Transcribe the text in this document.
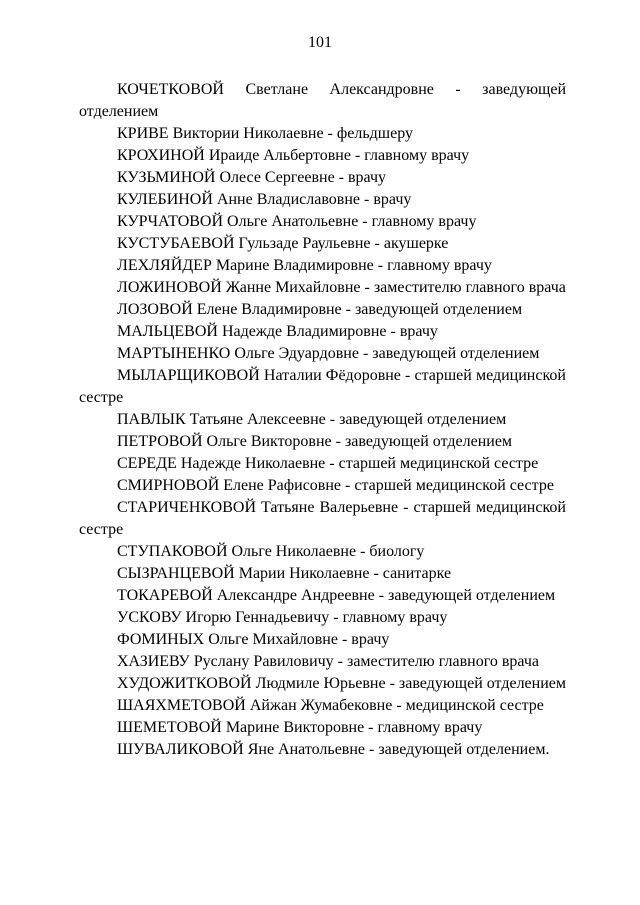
101

КОЧЕТКОВОЙ Светлане Александровне - заведующей отделением

КРИВЕ Виктории Николаевне - фельдшеру

КРОХИНОЙ Ираиде Альбертовне - главному врачу

КУЗЬМИНОЙ Олесе Сергеевне - врачу

КУЛЕБИНОЙ Анне Владиславовне - врачу

КУРЧАТОВОЙ Ольге Анатольевне - главному врачу

КУСТУБАЕВОЙ Гульзаде Раульевне - акушерке

ЛЕХЛЯЙДЕР Марине Владимировне - главному врачу

ЛОЖИНОВОЙ Жанне Михайловне - заместителю главного врача

ЛОЗОВОЙ Елене Владимировне - заведующей отделением

МАЛЬЦЕВОЙ Надежде Владимировне - врачу

МАРТЫНЕНКО Ольге Эдуардовне - заведующей отделением

МЫЛАРЩИКОВОЙ Наталии Фёдоровне - старшей медицинской сестре

ПАВЛЫК Татьяне Алексеевне - заведующей отделением

ПЕТРОВОЙ Ольге Викторовне - заведующей отделением

СЕРЕДЕ Надежде Николаевне - старшей медицинской сестре

СМИРНОВОЙ Елене Рафисовне - старшей медицинской сестре

СТАРИЧЕНКОВОЙ Татьяне Валерьевне - старшей медицинской сестре

СТУПАКОВОЙ Ольге Николаевне - биологу

СЫЗРАНЦЕВОЙ Марии Николаевне - санитарке

ТОКАРЕВОЙ Александре Андреевне - заведующей отделением

УСКОВУ Игорю Геннадьевичу - главному врачу

ФОМИНЫХ Ольге Михайловне - врачу

ХАЗИЕВУ Руслану Равиловичу - заместителю главного врача

ХУДОЖИТКОВОЙ Людмиле Юрьевне - заведующей отделением

ШАЯХМЕТОВОЙ Айжан Жумабековне - медицинской сестре

ШЕМЕТОВОЙ Марине Викторовне - главному врачу

ШУВАЛИКОВОЙ Яне Анатольевне - заведующей отделением.
